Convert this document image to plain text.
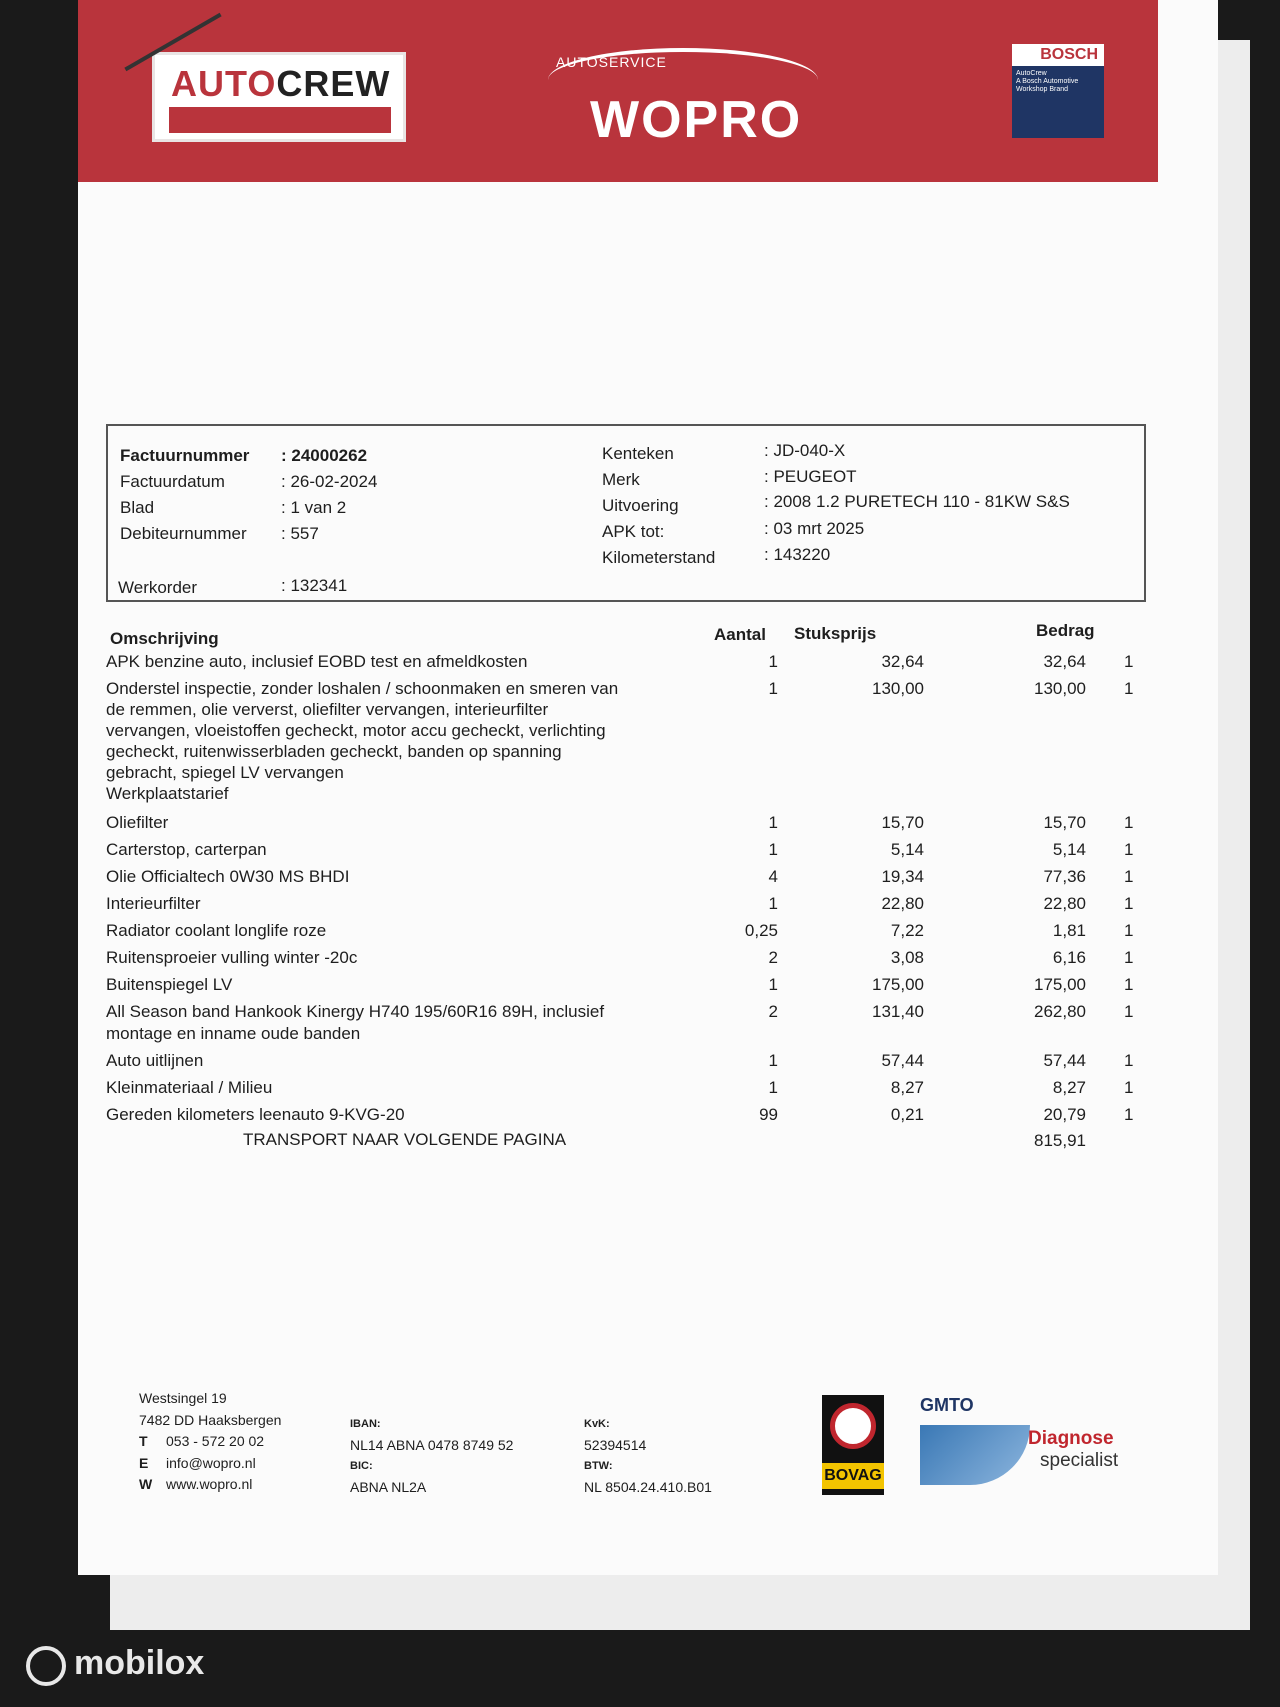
AUTOCREW
AUTOSERVICE
WOPRO
BOSCH
AutoCrew
A Bosch Automotive
Workshop Brand
Factuurnummer : 24000262
Factuurdatum	: 26-02-2024
Blad	: 1 van 2
Debiteurnummer : 557
Werkorder	: 132341
Kenteken	: JD-040-X
Merk	: PEUGEOT
Uitvoering	: 2008 1.2 PURETECH 110 - 81KW S&S
APK tot:	: 03 mrt 2025
Kilometerstand	: 143220
Omschrijving	Aantal Stuksprijs	Bedrag
APK benzine auto, inclusief EOBD test en afmeldkosten	1	32,64	32,64 1
Onderstel inspectie, zonder loshalen / schoonmaken en smeren van	1	130,00	130,00 1
de remmen, olie ververst, oliefilter vervangen, interieurfilter
vervangen, vloeistoffen gecheckt, motor accu gecheckt, verlichting
gecheckt, ruitenwisserbladen gecheckt, banden op spanning
gebracht, spiegel LV vervangen
Werkplaatstarief
Oliefilter	1	15,70	15,70 1
Carterstop, carterpan	1	5,14	5,14 1
Olie Officialtech 0W30 MS BHDI	4	19,34	77,36 1
Interieurfilter	1	22,80	22,80 1
Radiator coolant longlife roze	0,25	7,22	1,81 1
Ruitensproeier vulling winter -20c	2	3,08	6,16 1
Buitenspiegel LV	1	175,00	175,00 1
All Season band Hankook Kinergy H740 195/60R16 89H, inclusief	2	131,40	262,80 1
montage en inname oude banden
Auto uitlijnen	1	57,44	57,44 1
Kleinmateriaal / Milieu	1	8,27	8,27 1
Gereden kilometers leenauto 9-KVG-20	99	0,21	20,79 1
TRANSPORT NAAR VOLGENDE PAGINA	815,91
Westsingel 19
7482 DD Haaksbergen
T 053 - 572 20 02
E info@wopro.nl
W www.wopro.nl
IBAN:
NL14 ABNA 0478 8749 52
BIC:
ABNA NL2A
KvK:
52394514
BTW:
NL 8504.24.410.B01
BOVAG
GMTO
Diagnose
specialist
mobilox
